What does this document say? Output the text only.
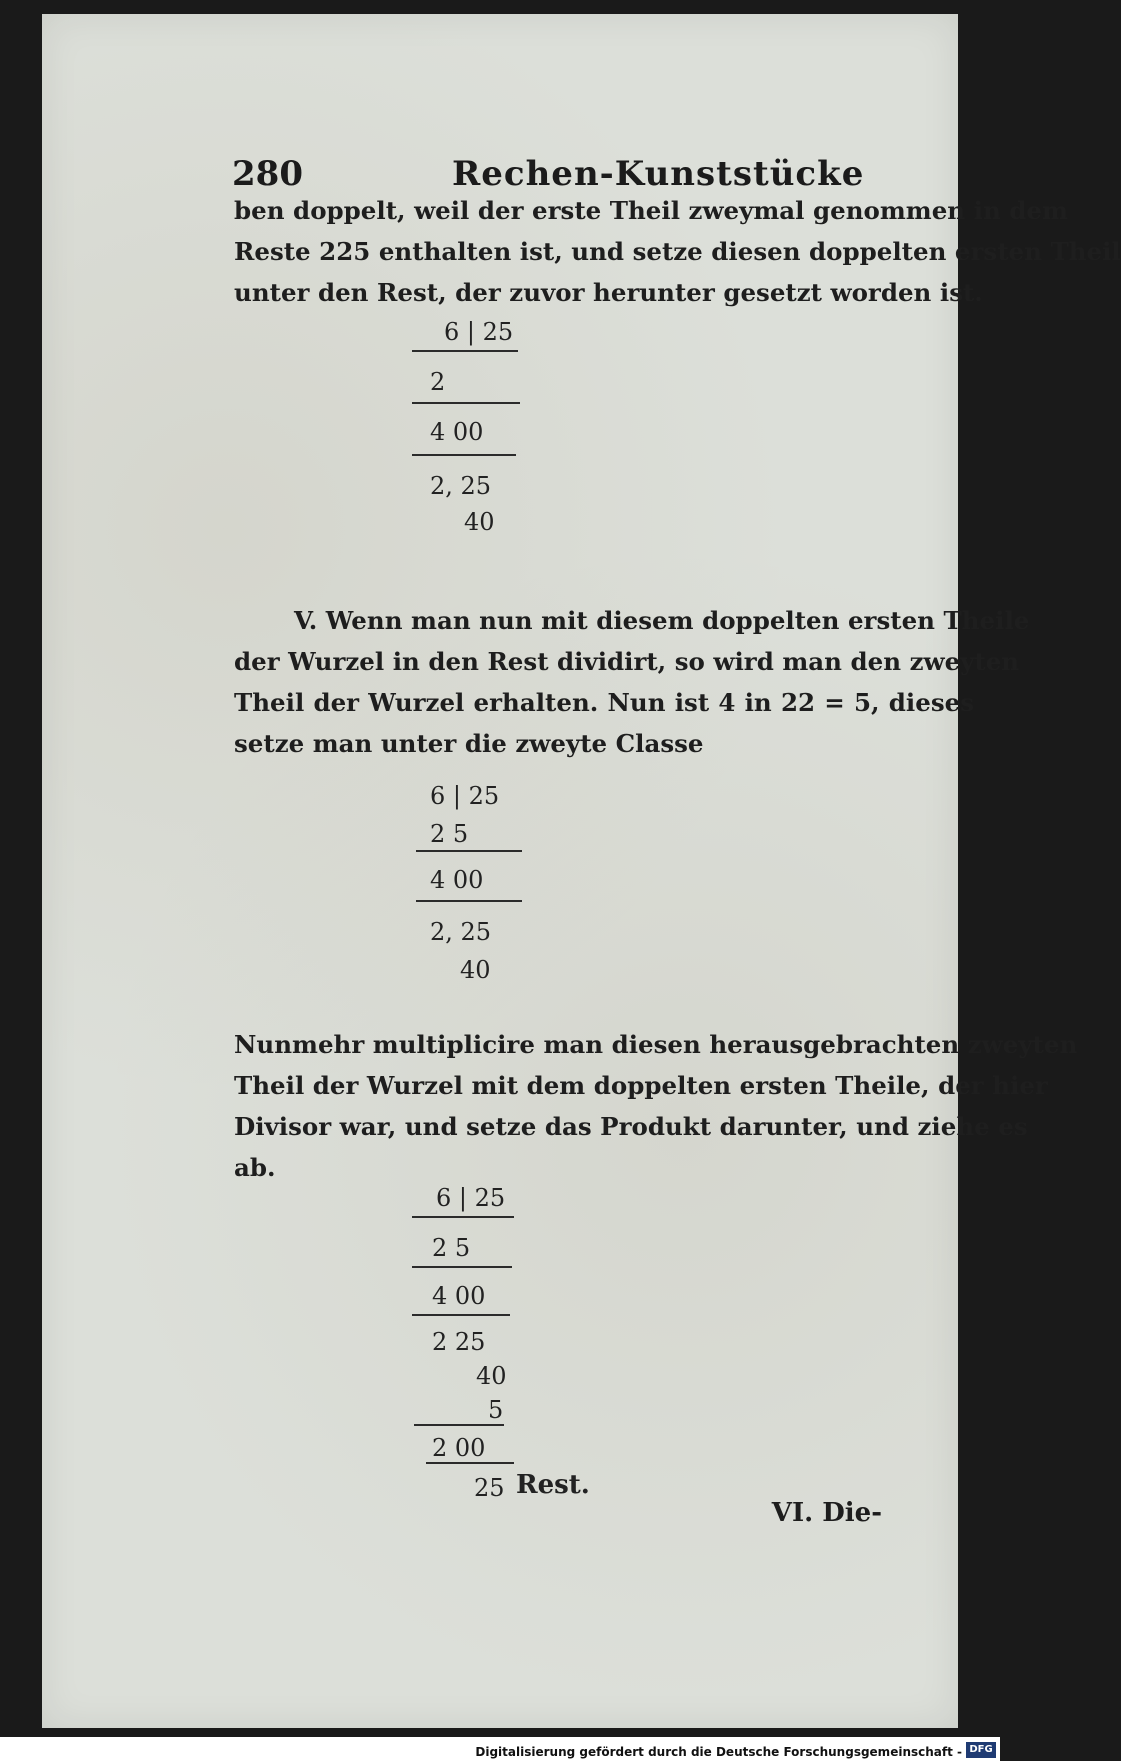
280	Rechen-Kunststücke
ben doppelt, weil der erste Theil zweymal genommen in dem
Reste 225 enthalten ist, und setze diesen doppelten ersten Theil
unter den Rest, der zuvor herunter gesetzt worden ist.
6 | 25
2
4 00
2, 25
40
V. Wenn man nun mit diesem doppelten ersten Theile
der Wurzel in den Rest dividirt, so wird man den zweyten
Theil der Wurzel erhalten. Nun ist 4 in 22 = 5, dieses
setze man unter die zweyte Classe
6 | 25
2 5
4 00
2, 25
40
Nunmehr multiplicire man diesen herausgebrachten zweyten
Theil der Wurzel mit dem doppelten ersten Theile, der hier
Divisor war, und setze das Produkt darunter, und ziehe es
ab.
6 | 25
2 5
4 00
2 25
40
5
2 00
25 Rest.
VI. Die-
Digitalisierung gefördert durch die Deutsche Forschungsgemeinschaft - DFG
